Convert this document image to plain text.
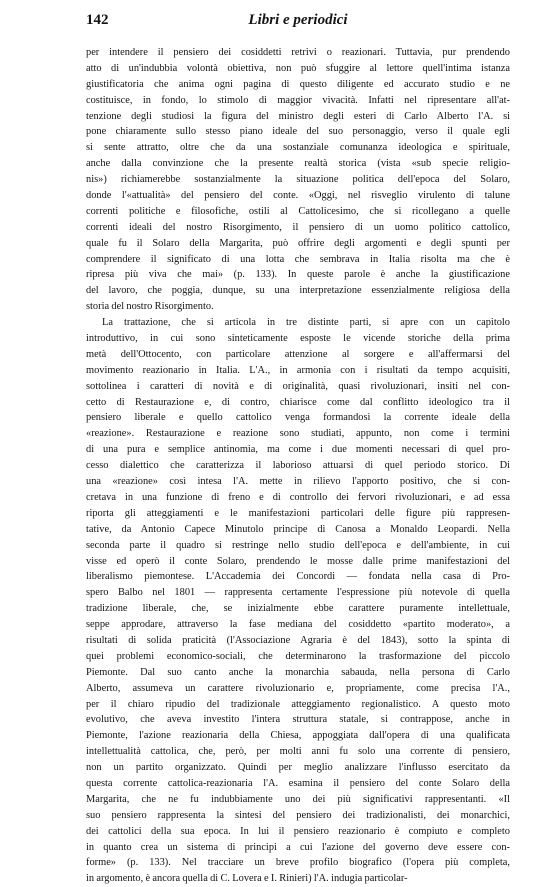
142	Libri e periodici
per intendere il pensiero dei cosiddetti retrivi o reazionari. Tuttavia, pur prendendo
atto di un'indubbia volontà obiettiva, non può sfuggire al lettore quell'intima istanza
giustificatoria che anima ogni pagina di questo diligente ed accurato studio e ne
costituisce, in fondo, lo stimolo di maggior vivacità. Infatti nel ripresentare all'at-
tenzione degli studiosi la figura del ministro degli esteri di Carlo Alberto l'A. si
pone chiaramente sullo stesso piano ideale del suo personaggio, verso il quale egli
si sente attratto, oltre che da una sostanziale comunanza ideologica e spirituale,
anche dalla convinzione che la presente realtà storica (vista «sub specie religio-
nis») richiamerebbe sostanzialmente la situazione politica dell'epoca del Solaro,
donde l'«attualità» del pensiero del conte. «Oggi, nel risveglio virulento di talune
correnti politiche e filosofiche, ostili al Cattolicesimo, che si ricollegano a quelle
correnti ideali del nostro Risorgimento, il pensiero di un uomo politico cattolico,
quale fu il Solaro della Margarita, può offrire degli argomenti e degli spunti per
comprendere il significato di una lotta che sembrava in Italia risolta ma che è
ripresa più viva che mai» (p. 133). In queste parole è anche la giustificazione
del lavoro, che poggia, dunque, su una interpretazione essenzialmente religiosa della
storia del nostro Risorgimento.
La trattazione, che si articola in tre distinte parti, si apre con un capitolo
introduttivo, in cui sono sinteticamente esposte le vicende storiche della prima
metà dell'Ottocento, con particolare attenzione al sorgere e all'affermarsi del
movimento reazionario in Italia. L'A., in armonia con i risultati da tempo acquisiti,
sottolinea i caratteri di novità e di originalità, quasi rivoluzionari, insiti nel con-
cetto di Restaurazione e, di contro, chiarisce come dal conflitto ideologico tra il
pensiero liberale e quello cattolico venga formandosi la corrente ideale della
«reazione». Restaurazione e reazione sono studiati, appunto, non come i termini
di una pura e semplice antinomia, ma come i due momenti necessari di quel pro-
cesso dialettico che caratterizza il laborioso attuarsi di quel periodo storico. Di
una «reazione» così intesa l'A. mette in rilievo l'apporto positivo, che si con-
cretava in una funzione di freno e di controllo dei fervori rivoluzionari, e ad essa
riporta gli atteggiamenti e le manifestazioni particolari delle figure più rappresen-
tative, da Antonio Capece Minutolo principe di Canosa a Monaldo Leopardi. Nella
seconda parte il quadro si restringe nello studio dell'epoca e dell'ambiente, in cui
visse ed operò il conte Solaro, prendendo le mosse dalle prime manifestazioni del
liberalismo piemontese. L'Accademia dei Concordi — fondata nella casa di Pro-
spero Balbo nel 1801 — rappresenta certamente l'espressione più notevole di quella
tradizione liberale, che, se inizialmente ebbe carattere puramente intellettuale,
seppe approdare, attraverso la fase mediana del cosiddetto «partito moderato», a
risultati di solida praticità (l'Associazione Agraria è del 1843), sotto la spinta di
quei problemi economico-sociali, che determinarono la trasformazione del piccolo
Piemonte. Dal suo canto anche la monarchia sabauda, nella persona di Carlo
Alberto, assumeva un carattere rivoluzionario e, propriamente, come precisa l'A.,
per il chiaro ripudio del tradizionale atteggiamento regionalistico. A questo moto
evolutivo, che aveva investito l'intera struttura statale, si contrappose, anche in
Piemonte, l'azione reazionaria della Chiesa, appoggiata dall'opera di una qualificata
intellettualità cattolica, che, però, per molti anni fu solo una corrente di pensiero,
non un partito organizzato. Quindi per meglio analizzare l'influsso esercitato da
questa corrente cattolica-reazionaria l'A. esamina il pensiero del conte Solaro della
Margarita, che ne fu indubbiamente uno dei più significativi rappresentanti. «Il
suo pensiero rappresenta la sintesi del pensiero dei tradizionalisti, dei monarchici,
dei cattolici della sua epoca. In lui il pensiero reazionario è compiuto e completo
in quanto crea un sistema di principi a cui l'azione del governo deve essere con-
forme» (p. 133). Nel tracciare un breve profilo biografico (l'opera più completa,
in argomento, è ancora quella di C. Lovera e I. Rinieri) l'A. indugia particolar-
